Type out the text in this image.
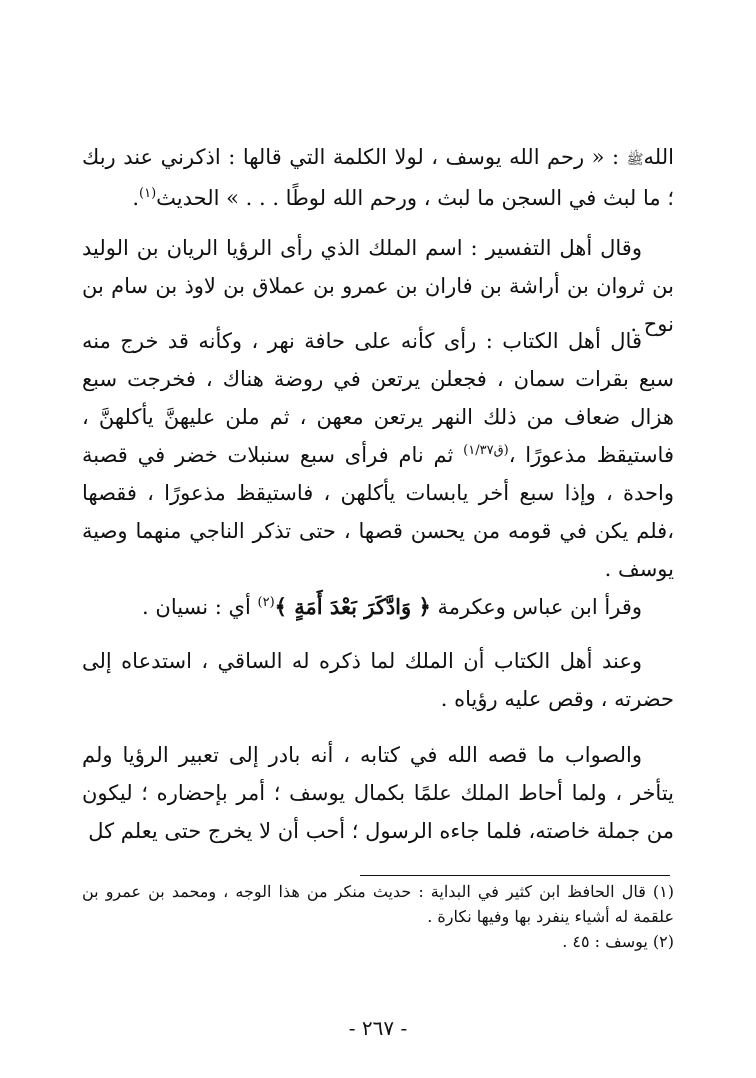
اللهﷺ : « رحم الله يوسف ، لولا الكلمة التي قالها : اذكرني عند ربك ؛ ما لبث في السجن ما لبث ، ورحم الله لوطًا . . . » الحديث$^{(١)}$.

وقال أهل التفسير : اسم الملك الذي رأى الرؤيا الريان بن الوليد بن ثروان بن أراشة بن فاران بن عمرو بن عملاق بن لاوذ بن سام بن نوح .

قال أهل الكتاب : رأى كأنه على حافة نهر ، وكأنه قد خرج منه سبع بقرات سمان ، فجعلن يرتعن في روضة هناك ، فخرجت سبع هزال ضعاف من ذلك النهر يرتعن معهن ، ثم ملن عليهنَّ يأكلهنَّ ، فاستيقظ مذعورًا ،$^{(ق١/٣٧)}$ ثم نام فرأى سبع سنبلات خضر في قصبة واحدة ، وإذا سبع أخر يابسات يأكلهن ، فاستيقظ مذعورًا ، فقصها ،فلم يكن في قومه من يحسن قصها ، حتى تذكر الناجي منهما وصية يوسف .

وقرأ ابن عباس وعكرمة ﴿ وَادَّكَرَ بَعْدَ أَمَةٍ ﴾$^{(٢)}$ أي : نسيان .

وعند أهل الكتاب أن الملك لما ذكره له الساقي ، استدعاه إلى حضرته ، وقص عليه رؤياه .

والصواب ما قصه الله في كتابه ، أنه بادر إلى تعبير الرؤيا ولم يتأخر ، ولما أحاط الملك علمًا بكمال يوسف ؛ أمر بإحضاره ؛ ليكون من جملة خاصته، فلما جاءه الرسول ؛ أحب أن لا يخرج حتى يعلم كل

(١) قال الحافظ ابن كثير في البداية : حديث منكر من هذا الوجه ، ومحمد بن عمرو بن علقمة له أشياء ينفرد بها وفيها نكارة .

(٢) يوسف : ٤٥ .

- ٢٦٧ -
